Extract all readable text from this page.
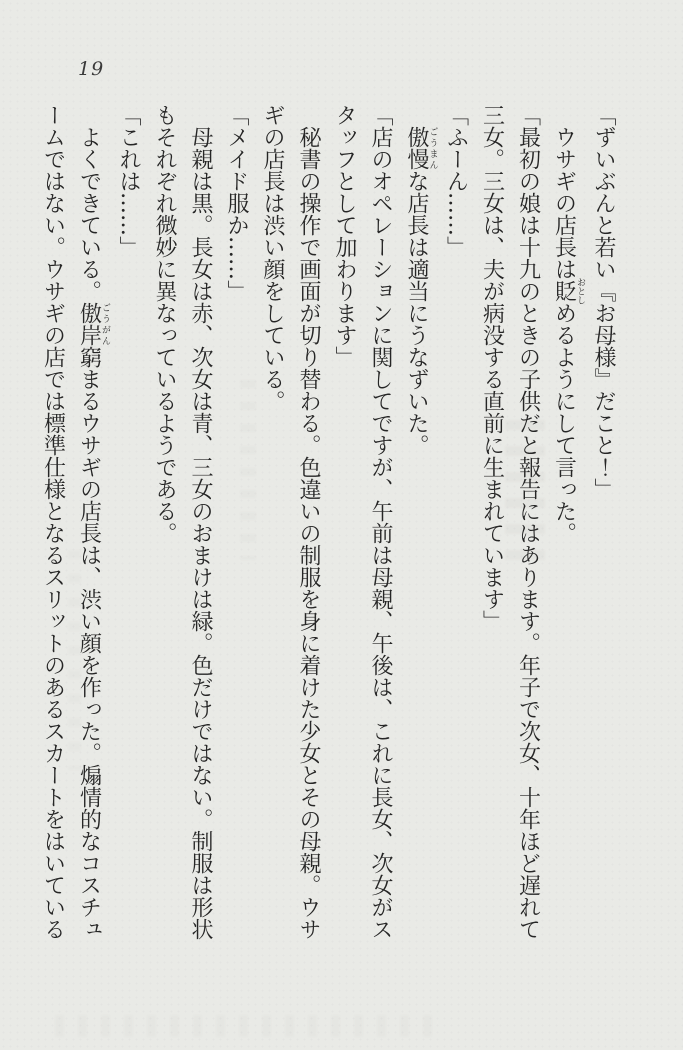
19

「ずいぶんと若い『お母様』だこと！」

ウサギの店長は貶おとしめるようにして言った。

「最初の娘は十九のときの子供だと報告にはあります。年子で次女、十年ほど遅れて三女。三女は、夫が病没する直前に生まれています」

「ふーん……」

傲慢ごうまんな店長は適当にうなずいた。

「店のオペレーションに関してですが、午前は母親、午後は、これに長女、次女がスタッフとして加わります」

秘書の操作で画面が切り替わる。色違いの制服を身に着けた少女とその母親。ウサギの店長は渋い顔をしている。

「メイド服か……」

母親は黒。長女は赤、次女は青、三女のおまけは緑。色だけではない。制服は形状もそれぞれ微妙に異なっているようである。

「これは……」

よくできている。傲岸ごうがん窮まるウサギの店長は、渋い顔を作った。煽情的なコスチュームではない。ウサギの店では標準仕様となるスリットのあるスカートをはいている
